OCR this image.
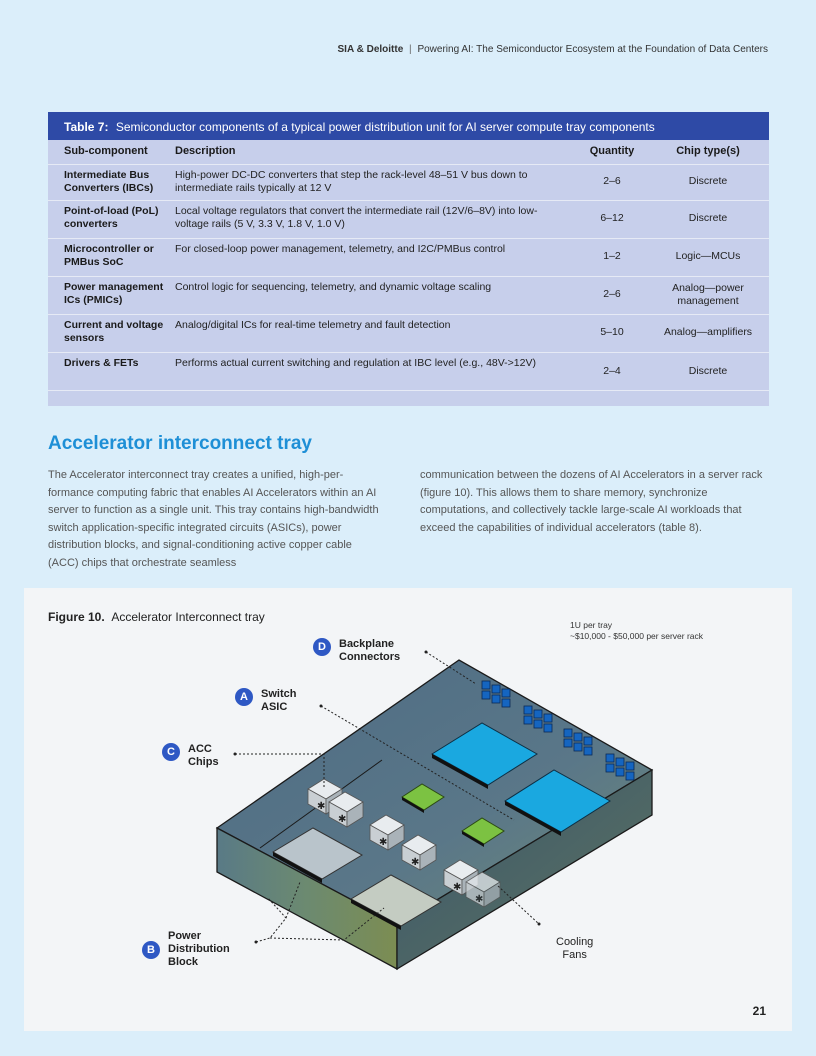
SIA & Deloitte | Powering AI: The Semiconductor Ecosystem at the Foundation of Data Centers
Table 7: Semiconductor components of a typical power distribution unit for AI server compute tray components
Sub-component	Description	Quantity	Chip type(s)
Intermediate Bus Converters (IBCs)	High-power DC-DC converters that step the rack-level 48–51 V bus down to intermediate rails typically at 12 V	2–6	Discrete
Point-of-load (PoL) converters	Local voltage regulators that convert the intermediate rail (12V/6–8V) into low-voltage rails (5 V, 3.3 V, 1.8 V, 1.0 V)	6–12	Discrete
Microcontroller or PMBus SoC	For closed-loop power management, telemetry, and I2C/PMBus control	1–2	Logic—MCUs
Power management ICs (PMICs)	Control logic for sequencing, telemetry, and dynamic voltage scaling	2–6	Analog—power management
Current and voltage sensors	Analog/digital ICs for real-time telemetry and fault detection	5–10	Analog—amplifiers
Drivers & FETs	Performs actual current switching and regulation at IBC level (e.g., 48V->12V)	2–4	Discrete
Accelerator interconnect tray

The Accelerator interconnect tray creates a unified, high-per-formance computing fabric that enables AI Accelerators within an AI server to function as a single unit. This tray contains high-bandwidth switch application-specific integrated circuits (ASICs), power distribution blocks, and signal-conditioning active copper cable (ACC) chips that orchestrate seamless

communication between the dozens of AI Accelerators in a server rack (figure 10). This allows them to share memory, synchronize computations, and collectively tackle large-scale AI workloads that exceed the capabilities of individual accelerators (table 8).

Figure 10. Accelerator Interconnect tray
1U per tray
~$10,000 - $50,000 per server rack
✱
✱
✱
✱
✱
✱
D	Backplane
Connectors
A	Switch
ASIC
C	ACC
Chips
B
Power
Distribution
Block
Cooling
Fans
21
